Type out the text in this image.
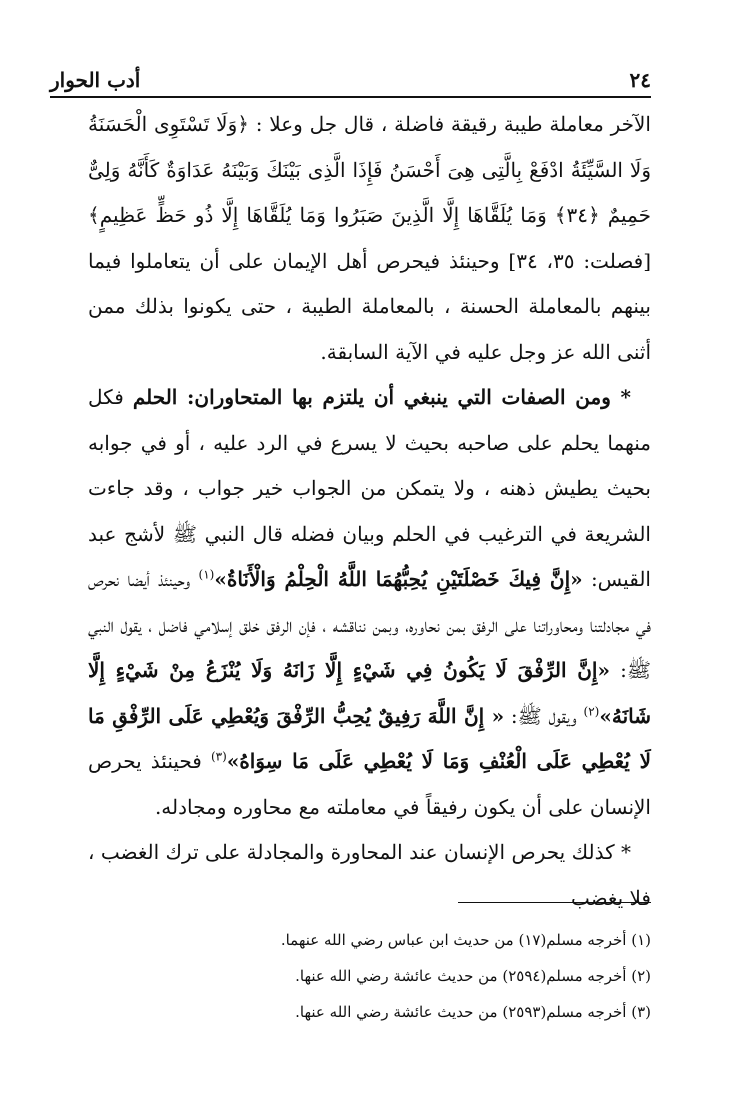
٢٤
أدب الحوار

الآخر معاملة طيبة رقيقة فاضلة ، قال جل وعلا : ﴿وَلَا تَسْتَوِى الْحَسَنَةُ وَلَا السَّيِّئَةُ ادْفَعْ بِالَّتِى هِىَ أَحْسَنُ فَإِذَا الَّذِى بَيْنَكَ وَبَيْنَهُ عَدَاوَةٌ كَأَنَّهُ وَلِىٌّ حَمِيمٌ ﴿٣٤﴾ وَمَا يُلَقَّاهَا إِلَّا الَّذِينَ صَبَرُوا وَمَا يُلَقَّاهَا إِلَّا ذُو حَظٍّ عَظِيمٍ﴾ [فصلت: ٣٥، ٣٤] وحينئذ فيحرص أهل الإيمان على أن يتعاملوا فيما بينهم بالمعاملة الحسنة ، بالمعاملة الطيبة ، حتى يكونوا بذلك ممن أثنى الله عز وجل عليه في الآية السابقة.

* ومن الصفات التي ينبغي أن يلتزم بها المتحاوران: الحلم فكل منهما يحلم على صاحبه بحيث لا يسرع في الرد عليه ، أو في جوابه بحيث يطيش ذهنه ، ولا يتمكن من الجواب خير جواب ، وقد جاءت الشريعة في الترغيب في الحلم وبيان فضله قال النبي ﷺ لأشج عبد القيس: «إِنَّ فِيكَ خَصْلَتَيْنِ يُحِبُّهُمَا اللَّهُ الْحِلْمُ وَالْأَنَاةُ»$^{(١)}$ وحينئذ أيضا نحرص في مجادلتنا ومحاوراتنا على الرفق بمن نحاوره، وبمن نناقشه ، فإن الرفق خلق إسلامي فاضل ، يقول النبي ﷺ: «إِنَّ الرِّفْقَ لَا يَكُونُ فِي شَيْءٍ إِلَّا زَانَهُ وَلَا يُنْزَعُ مِنْ شَيْءٍ إِلَّا شَانَهُ»$^{(٢)}$ ويقول ﷺ: « إِنَّ اللَّهَ رَفِيقٌ يُحِبُّ الرِّفْقَ وَيُعْطِي عَلَى الرِّفْقِ مَا لَا يُعْطِي عَلَى الْعُنْفِ وَمَا لَا يُعْطِي عَلَى مَا سِوَاهُ»$^{(٣)}$ فحينئذ يحرص الإنسان على أن يكون رفيقاً في معاملته مع محاوره ومجادله.

* كذلك يحرص الإنسان عند المحاورة والمجادلة على ترك الغضب ، فلا يغضب

(١) أخرجه مسلم(١٧) من حديث ابن عباس رضي الله عنهما.
(٢) أخرجه مسلم(٢٥٩٤) من حديث عائشة رضي الله عنها.
(٣) أخرجه مسلم(٢٥٩٣) من حديث عائشة رضي الله عنها.
